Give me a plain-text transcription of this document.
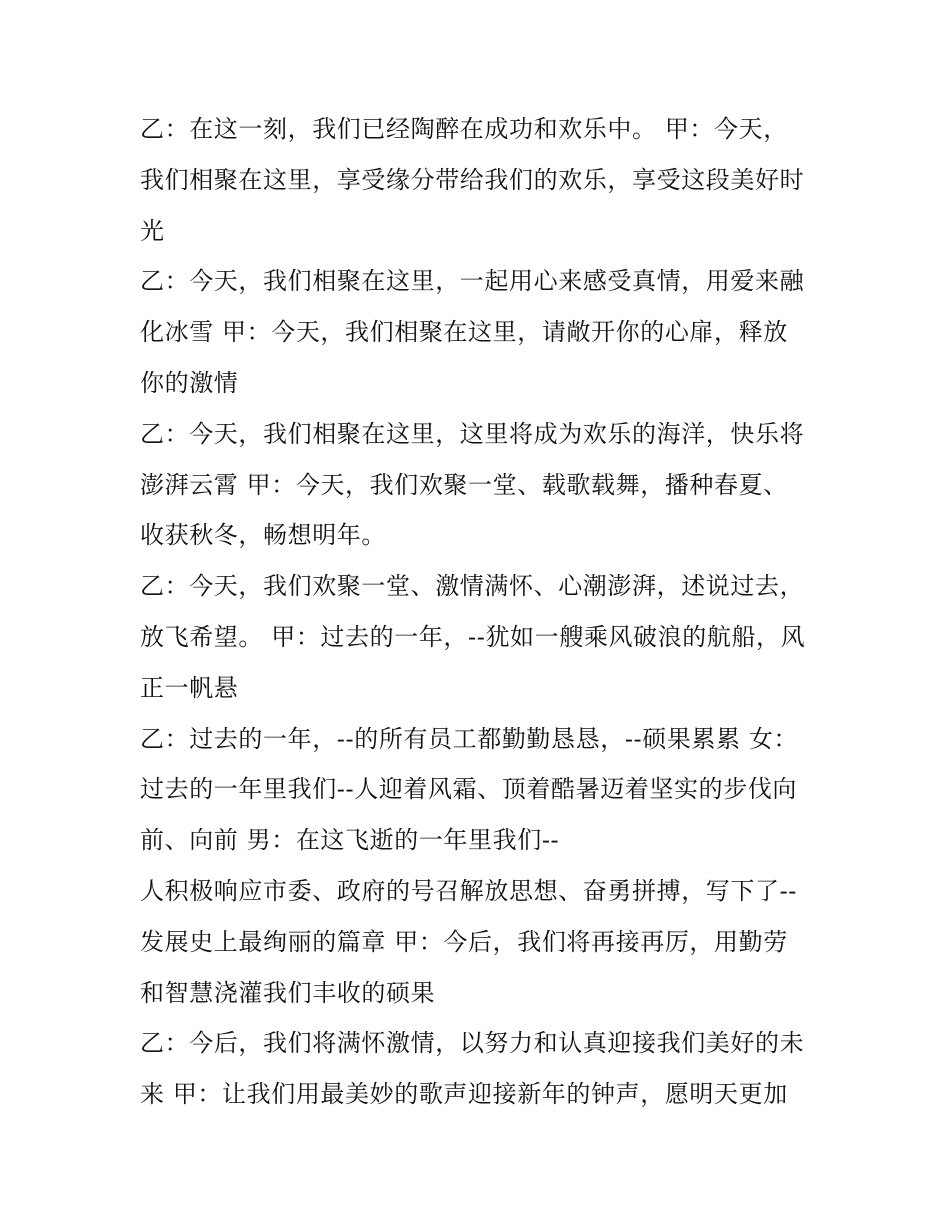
乙：在这一刻，我们已经陶醉在成功和欢乐中。 甲：今天，
我们相聚在这里，享受缘分带给我们的欢乐，享受这段美好时
光
乙：今天，我们相聚在这里，一起用心来感受真情，用爱来融
化冰雪 甲：今天，我们相聚在这里，请敞开你的心扉，释放
你的激情
乙：今天，我们相聚在这里，这里将成为欢乐的海洋，快乐将
澎湃云霄 甲：今天，我们欢聚一堂、载歌载舞，播种春夏、
收获秋冬，畅想明年。
乙：今天，我们欢聚一堂、激情满怀、心潮澎湃，述说过去，
放飞希望。 甲：过去的一年，--犹如一艘乘风破浪的航船，风
正一帆悬
乙：过去的一年，--的所有员工都勤勤恳恳，--硕果累累 女：
过去的一年里我们--人迎着风霜、顶着酷暑迈着坚实的步伐向
前、向前 男：在这飞逝的一年里我们--
人积极响应市委、政府的号召解放思想、奋勇拼搏，写下了--
发展史上最绚丽的篇章 甲：今后，我们将再接再厉，用勤劳
和智慧浇灌我们丰收的硕果
乙：今后，我们将满怀激情，以努力和认真迎接我们美好的未
来 甲：让我们用最美妙的歌声迎接新年的钟声，愿明天更加
